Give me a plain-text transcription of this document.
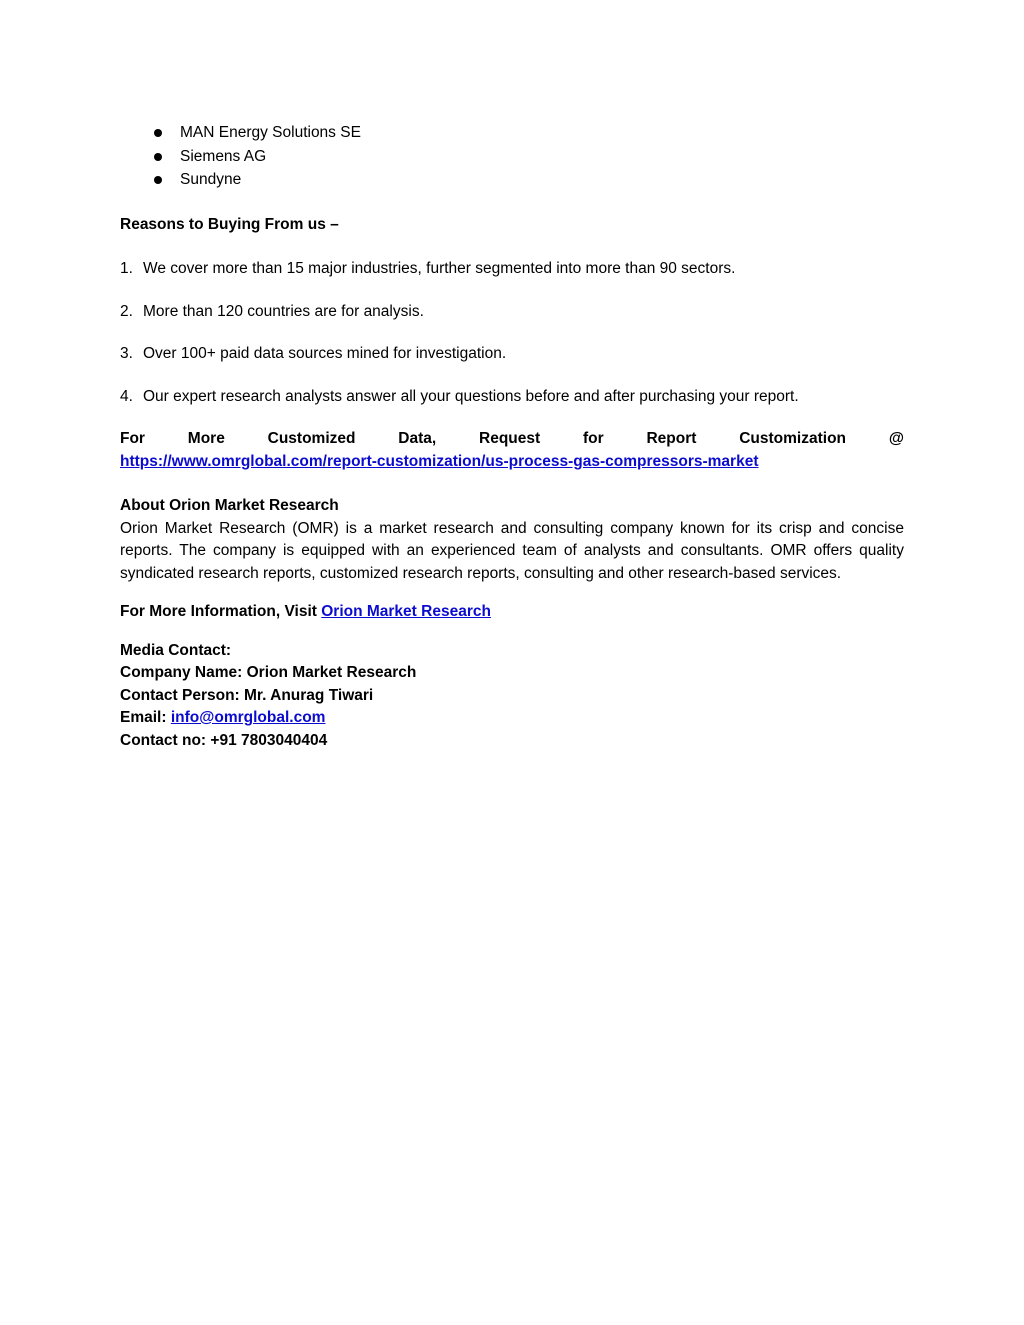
MAN Energy Solutions SE
Siemens AG
Sundyne
Reasons to Buying From us –
1. We cover more than 15 major industries, further segmented into more than 90 sectors.
2. More than 120 countries are for analysis.
3. Over 100+ paid data sources mined for investigation.
4. Our expert research analysts answer all your questions before and after purchasing your report.
For	More	Customized	Data,	Request	for	Report	Customization	@
https://www.omrglobal.com/report-customization/us-process-gas-compressors-market
About Orion Market Research
Orion Market Research (OMR) is a market research and consulting company known for its crisp and concise reports. The company is equipped with an experienced team of analysts and consultants. OMR offers quality syndicated research reports, customized research reports, consulting and other research-based services.
For More Information, Visit Orion Market Research
Media Contact:
Company Name: Orion Market Research
Contact Person: Mr. Anurag Tiwari
Email: info@omrglobal.com
Contact no: +91 7803040404
